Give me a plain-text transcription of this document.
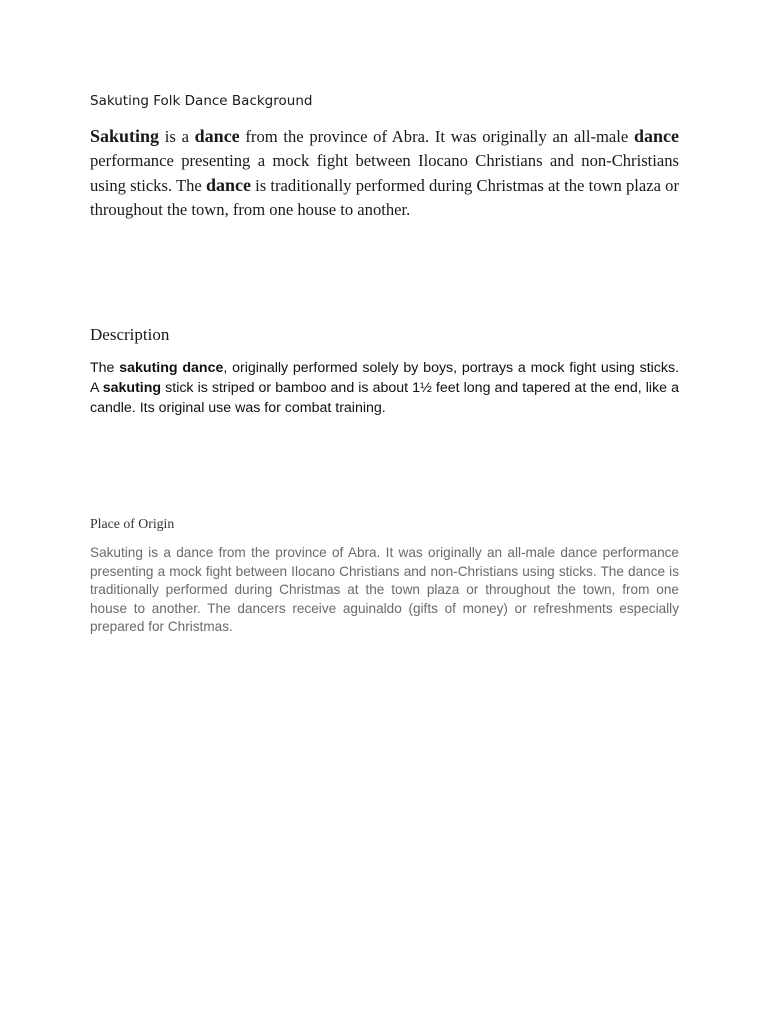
Sakuting Folk Dance Background

Sakuting is a dance from the province of Abra. It was originally an all-male dance performance presenting a mock fight between Ilocano Christians and non-Christians using sticks. The dance is traditionally performed during Christmas at the town plaza or throughout the town, from one house to another.

Description

The sakuting dance, originally performed solely by boys, portrays a mock fight using sticks. A sakuting stick is striped or bamboo and is about 1½ feet long and tapered at the end, like a candle. Its original use was for combat training.

Place of Origin

Sakuting is a dance from the province of Abra. It was originally an all-male dance performance presenting a mock fight between Ilocano Christians and non-Christians using sticks. The dance is traditionally performed during Christmas at the town plaza or throughout the town, from one house to another. The dancers receive aguinaldo (gifts of money) or refreshments especially prepared for Christmas.
